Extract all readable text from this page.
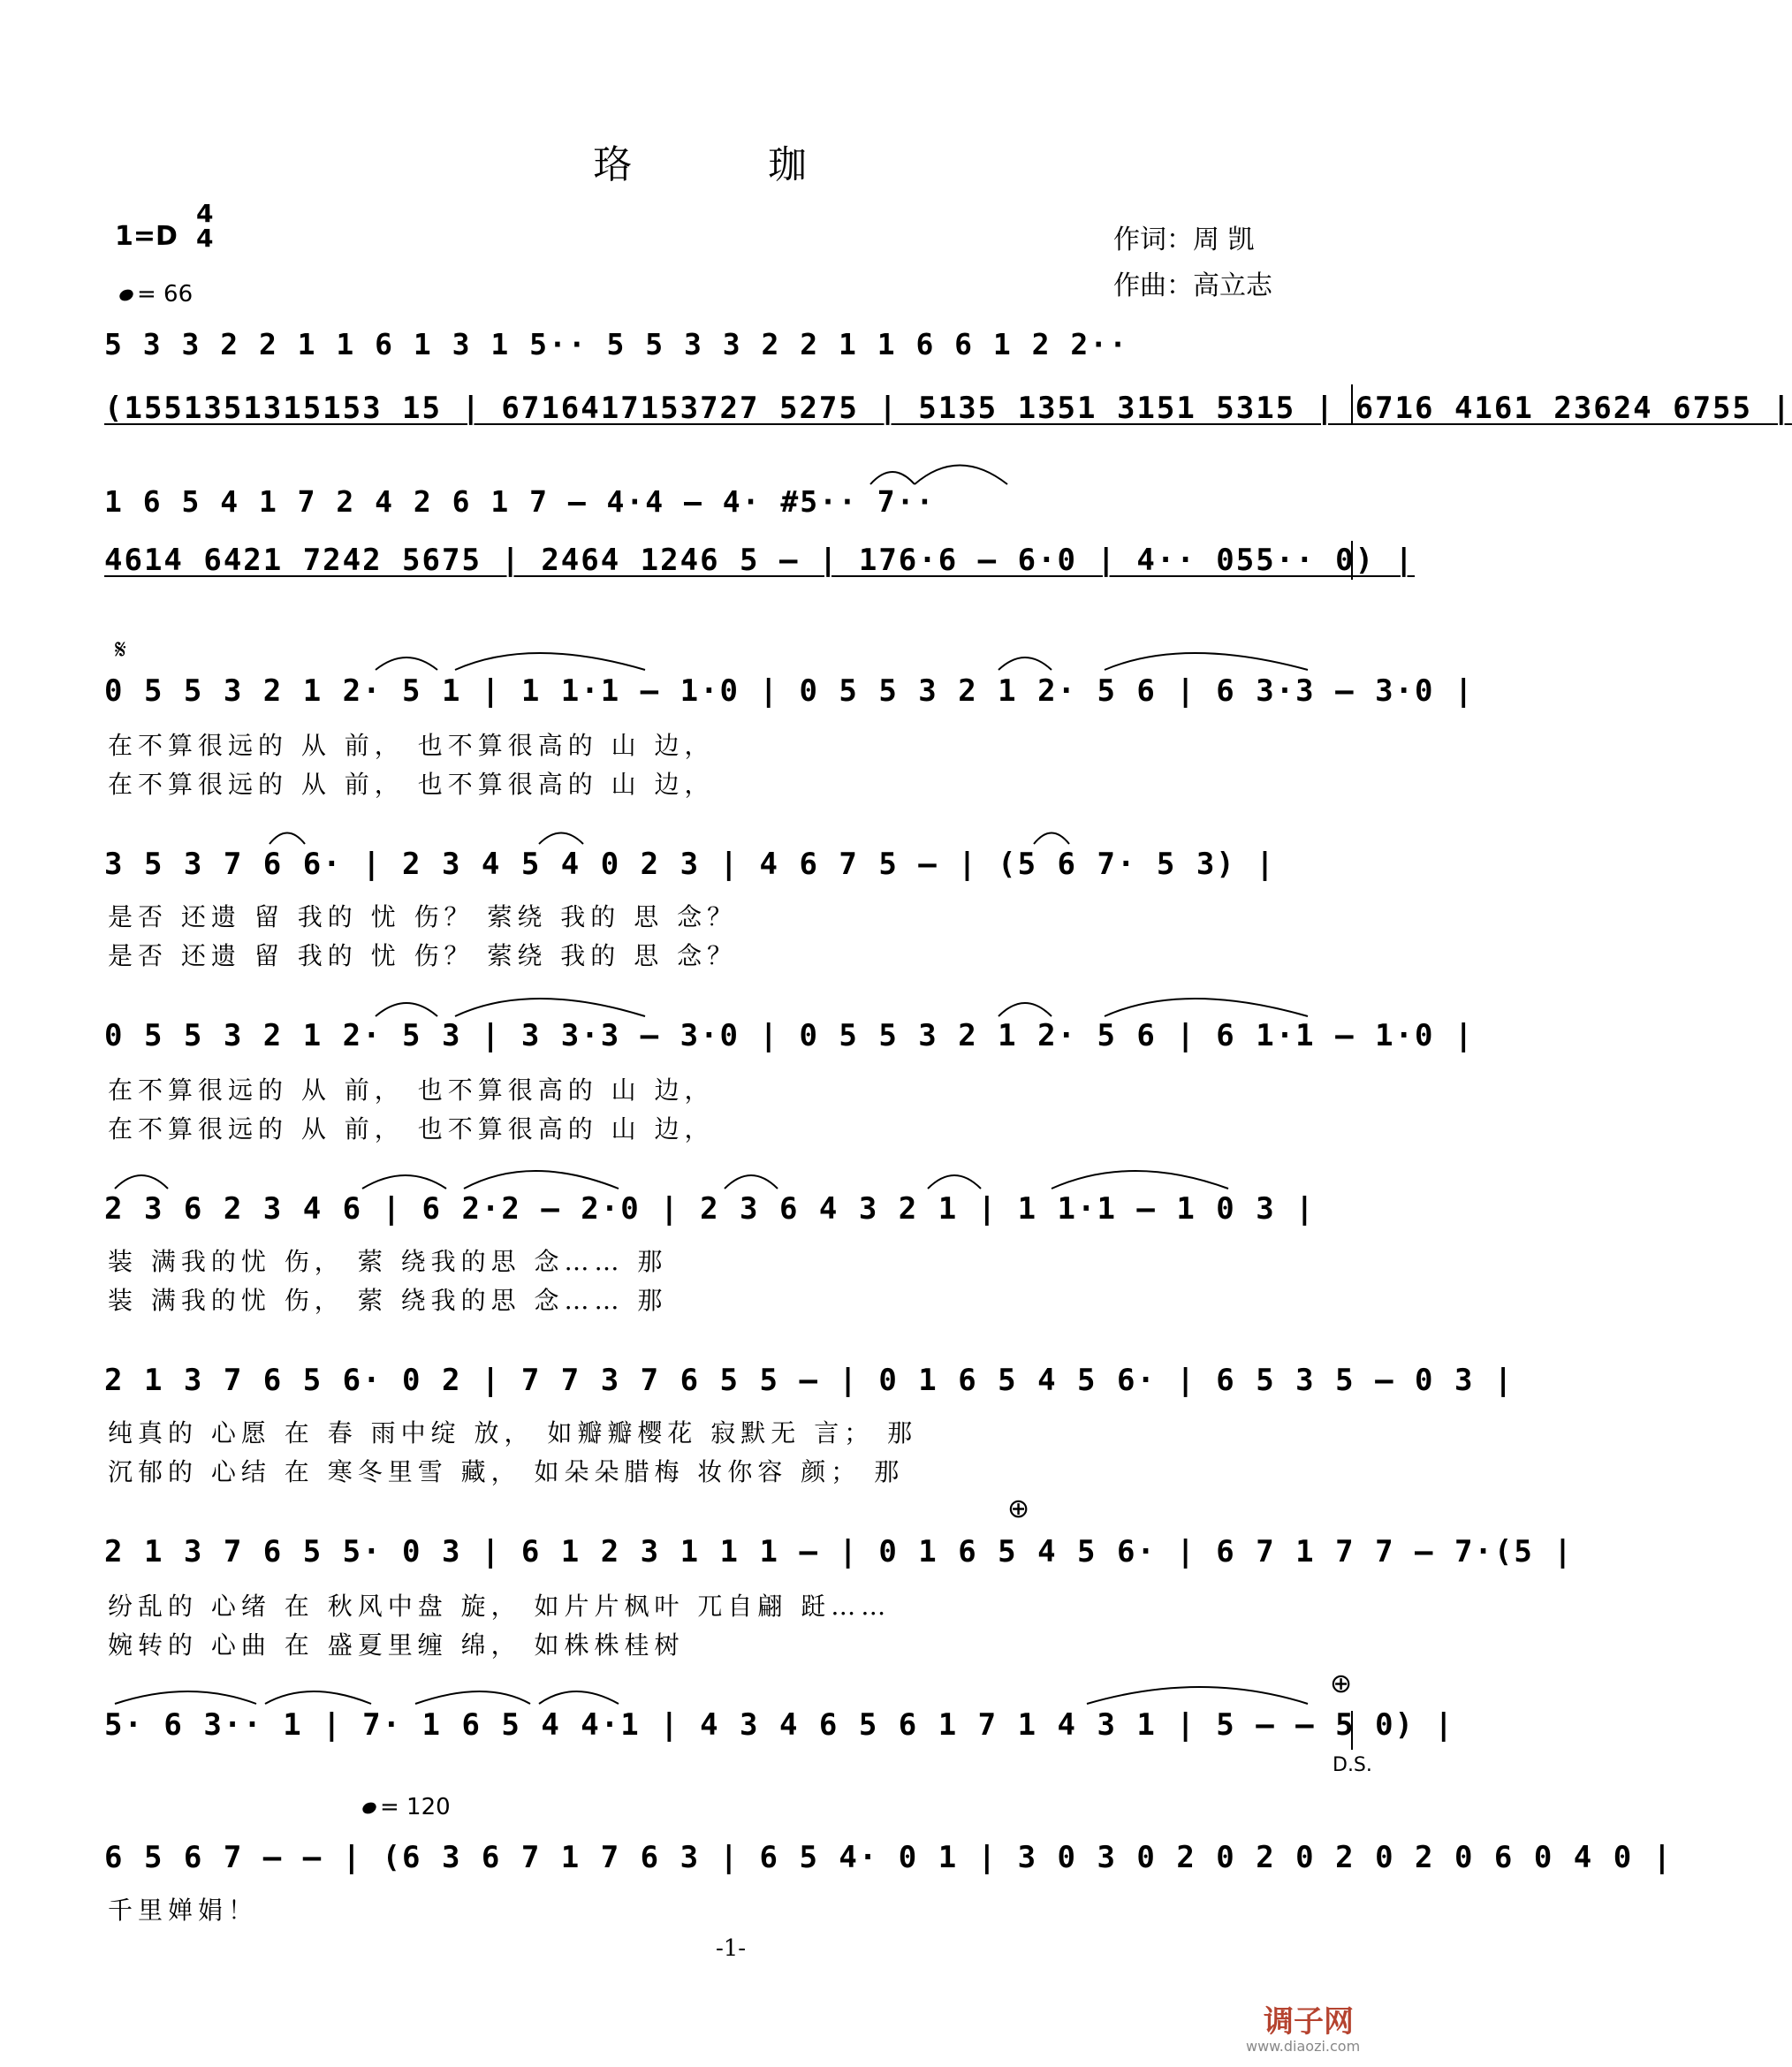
珞 珈
1=D
4
4
= 66
作词：周 凯
作曲：高立志
5 3 3 2 2 1 1 6 1 3 1 5·· 5 5 3 3 2 2 1 1 6 6 1 2 2··
(1551351315153 15 | 6716417153727 5275 | 5135 1351 3151 5315 | 6716 4161 23624 6755 |
1 6 5 4 1 7 2 4 2 6 1 7 – 4·4 – 4· #5·· 7··
4614 6421 7242 5675 | 2464 1246 5 – | 176·6 – 6·0 | 4·· 055·· 0) |
𝄋
0 5 5 3 2 1 2· 5 1 | 1 1·1 – 1·0 | 0 5 5 3 2 1 2· 5 6 | 6 3·3 – 3·0 |
在不算很远的 从 前， 也不算很高的 山 边，
在不算很远的 从 前， 也不算很高的 山 边，
3 5 3 7 6 6· | 2 3 4 5 4 0 2 3 | 4 6 7 5 – | (5 6 7· 5 3) |
是否 还遗 留 我的 忧 伤？ 萦绕 我的 思 念？
是否 还遗 留 我的 忧 伤？ 萦绕 我的 思 念？
0 5 5 3 2 1 2· 5 3 | 3 3·3 – 3·0 | 0 5 5 3 2 1 2· 5 6 | 6 1·1 – 1·0 |
在不算很远的 从 前， 也不算很高的 山 边，
在不算很远的 从 前， 也不算很高的 山 边，
2 3 6 2 3 4 6 | 6 2·2 – 2·0 | 2 3 6 4 3 2 1 | 1 1·1 – 1 0 3 |
装 满我的忧 伤， 萦 绕我的思 念…… 那
装 满我的忧 伤， 萦 绕我的思 念…… 那
2 1 3 7 6 5 6· 0 2 | 7 7 3 7 6 5 5 – | 0 1 6 5 4 5 6· | 6 5 3 5 – 0 3 |
纯真的 心愿 在 春 雨中绽 放， 如瓣瓣樱花 寂默无 言； 那
沉郁的 心结 在 寒冬里雪 藏， 如朵朵腊梅 妆你容 颜； 那
⊕
2 1 3 7 6 5 5· 0 3 | 6 1 2 3 1 1 1 – | 0 1 6 5 4 5 6· | 6 7 1 7 7 – 7·(5 |
纷乱的 心绪 在 秋风中盘 旋， 如片片枫叶 兀自翩 跹……
婉转的 心曲 在 盛夏里缠 绵， 如株株桂树
⊕
5· 6 3·· 1 | 7· 1 6 5 4 4·1 | 4 3 4 6 5 6 1 7 1 4 3 1 | 5 – – 5 0) |
D.S.
= 120
6 5 6 7 – – | (6 3 6 7 1 7 6 3 | 6 5 4· 0 1 | 3 0 3 0 2 0 2 0 2 0 2 0 6 0 4 0 |
千里婵娟！
-1-
调子网
www.diaozi.com
